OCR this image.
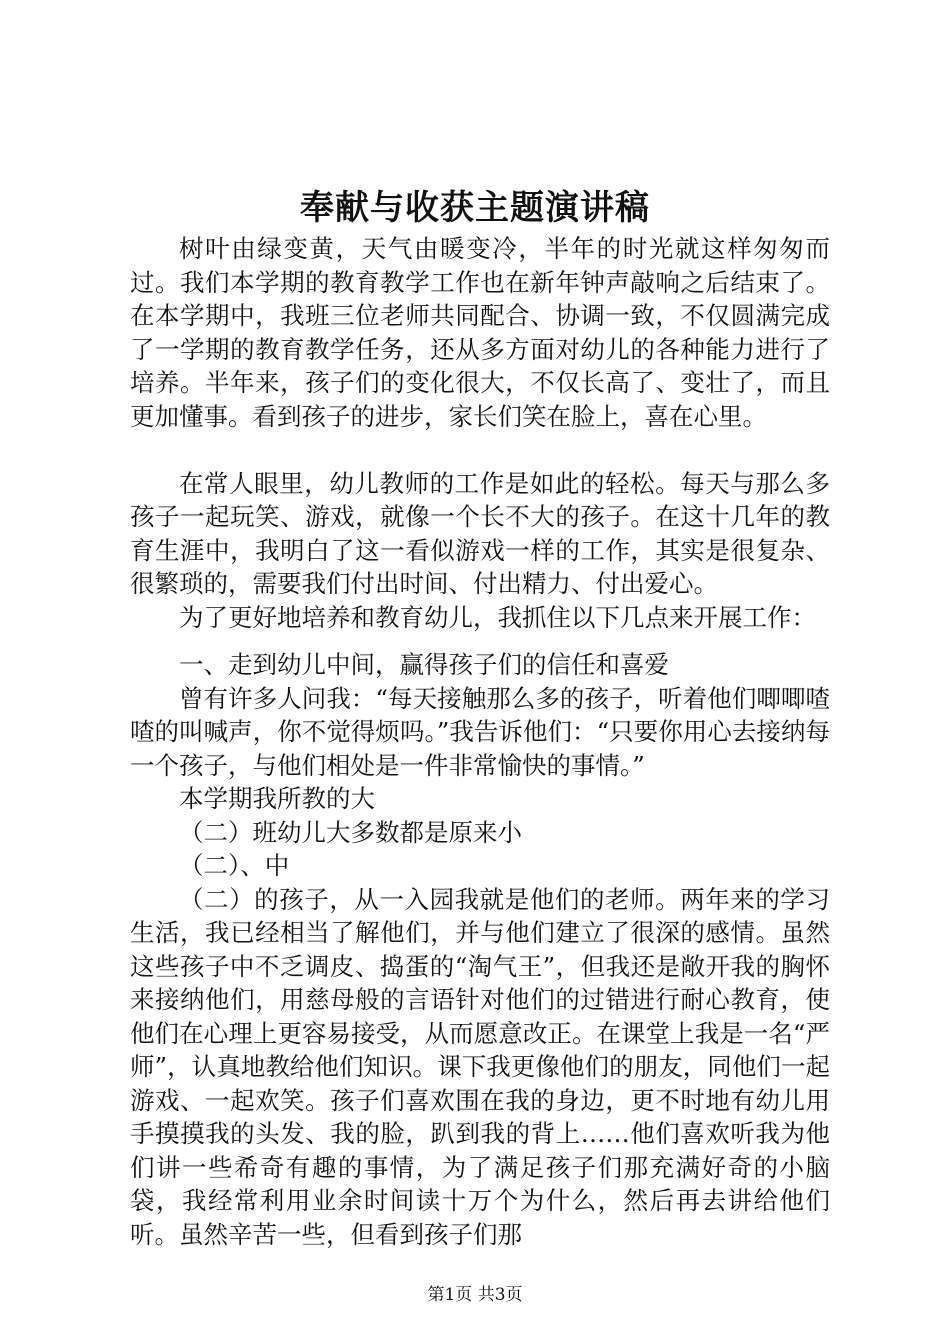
奉献与收获主题演讲稿

树叶由绿变黄，天气由暖变冷，半年的时光就这样匆匆而过。我们本学期的教育教学工作也在新年钟声敲响之后结束了。在本学期中，我班三位老师共同配合、协调一致，不仅圆满完成了一学期的教育教学任务，还从多方面对幼儿的各种能力进行了培养。半年来，孩子们的变化很大，不仅长高了、变壮了，而且更加懂事。看到孩子的进步，家长们笑在脸上，喜在心里。

在常人眼里，幼儿教师的工作是如此的轻松。每天与那么多孩子一起玩笑、游戏，就像一个长不大的孩子。在这十几年的教育生涯中，我明白了这一看似游戏一样的工作，其实是很复杂、很繁琐的，需要我们付出时间、付出精力、付出爱心。

为了更好地培养和教育幼儿，我抓住以下几点来开展工作：

一、走到幼儿中间，赢得孩子们的信任和喜爱

曾有许多人问我：“每天接触那么多的孩子，听着他们唧唧喳喳的叫喊声，你不觉得烦吗。”我告诉他们：“只要你用心去接纳每一个孩子，与他们相处是一件非常愉快的事情。”

本学期我所教的大

（二）班幼儿大多数都是原来小

（二）、中

（二）的孩子，从一入园我就是他们的老师。两年来的学习生活，我已经相当了解他们，并与他们建立了很深的感情。虽然这些孩子中不乏调皮、捣蛋的“淘气王”，但我还是敞开我的胸怀来接纳他们，用慈母般的言语针对他们的过错进行耐心教育，使他们在心理上更容易接受，从而愿意改正。在课堂上我是一名“严师”，认真地教给他们知识。课下我更像他们的朋友，同他们一起游戏、一起欢笑。孩子们喜欢围在我的身边，更不时地有幼儿用手摸摸我的头发、我的脸，趴到我的背上……他们喜欢听我为他们讲一些希奇有趣的事情，为了满足孩子们那充满好奇的小脑袋，我经常利用业余时间读十万个为什么，然后再去讲给他们听。虽然辛苦一些，但看到孩子们那

第1页 共3页
